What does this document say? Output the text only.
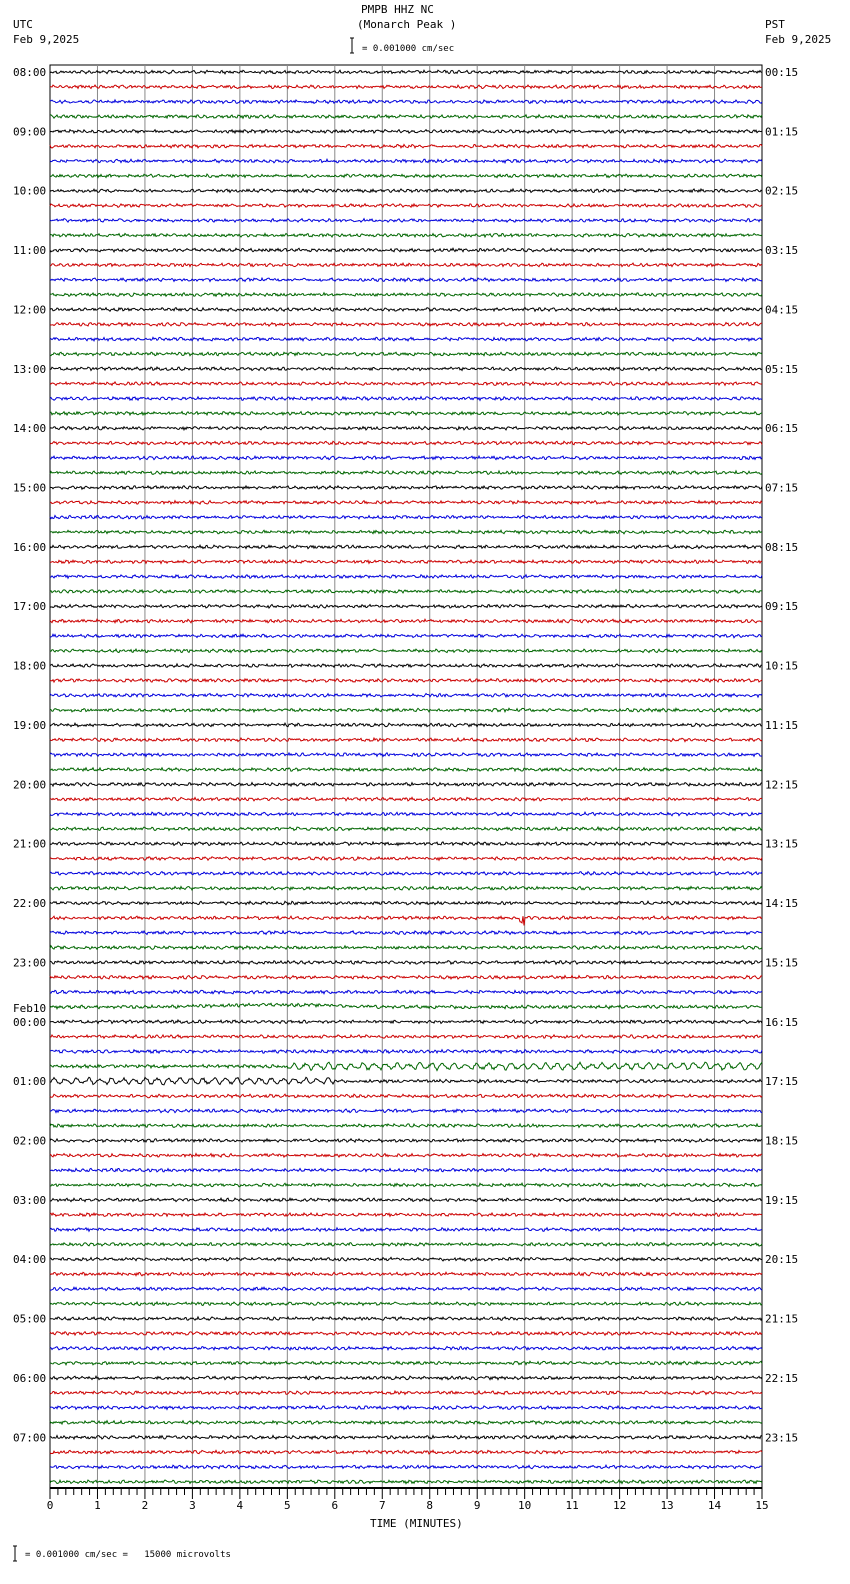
PMPB HHZ NC
(Monarch Peak )
UTC
Feb 9,2025
PST
Feb 9,2025
= 0.001000 cm/sec
= 0.001000 cm/sec =   15000 microvolts
08:00
09:00
10:00
11:00
12:00
13:00
14:00
15:00
16:00
17:00
18:00
19:00
20:00
21:00
22:00
23:00
00:00
Feb10
01:00
02:00
03:00
04:00
05:00
06:00
07:00
00:15
01:15
02:15
03:15
04:15
05:15
06:15
07:15
08:15
09:15
10:15
11:15
12:15
13:15
14:15
15:15
16:15
17:15
18:15
19:15
20:15
21:15
22:15
23:15
0	1	2	3	4	5	6	7	8	9	10	11	12	13	14	15
TIME (MINUTES)
